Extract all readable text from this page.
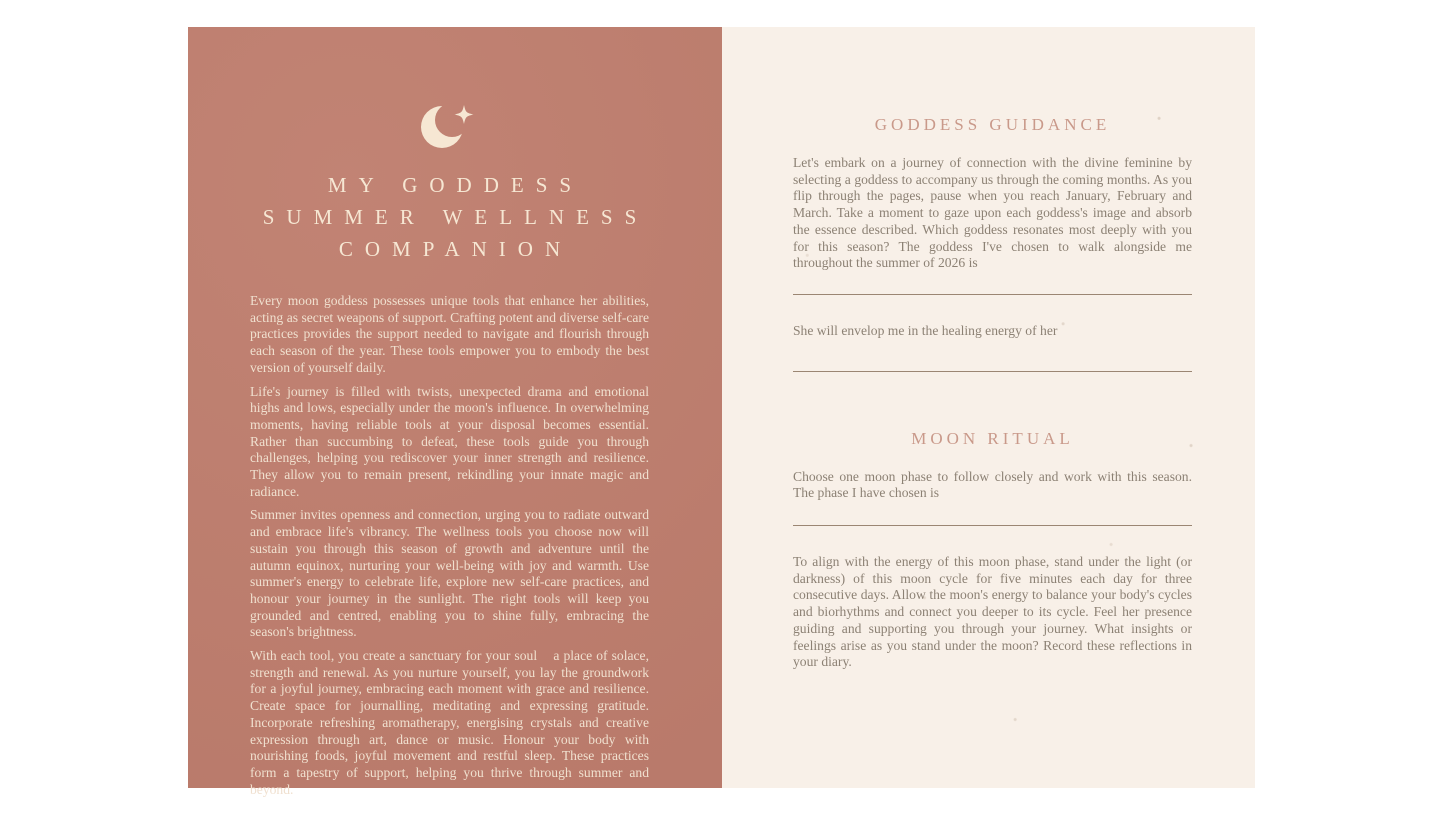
MY GODDESS
SUMMER WELLNESS
COMPANION

Every moon goddess possesses unique tools that enhance her abilities, acting as secret weapons of support. Crafting potent and diverse self-care practices provides the support needed to navigate and flourish through each season of the year. These tools empower you to embody the best version of yourself daily.

Life's journey is filled with twists, unexpected drama and emotional highs and lows, especially under the moon's influence. In overwhelming moments, having reliable tools at your disposal becomes essential. Rather than succumbing to defeat, these tools guide you through challenges, helping you rediscover your inner strength and resilience. They allow you to remain present, rekindling your innate magic and radiance.

Summer invites openness and connection, urging you to radiate outward and embrace life's vibrancy. The wellness tools you choose now will sustain you through this season of growth and adventure until the autumn equinox, nurturing your well-being with joy and warmth. Use summer's energy to celebrate life, explore new self-care practices, and honour your journey in the sunlight. The right tools will keep you grounded and centred, enabling you to shine fully, embracing the season's brightness.

With each tool, you create a sanctuary for your soul    a place of solace, strength and renewal. As you nurture yourself, you lay the groundwork for a joyful journey, embracing each moment with grace and resilience. Create space for journalling, meditating and expressing gratitude. Incorporate refreshing aromatherapy, energising crystals and creative expression through art, dance or music. Honour your body with nourishing foods, joyful movement and restful sleep. These practices form a tapestry of support, helping you thrive through summer and beyond.

GODDESS GUIDANCE

Let's embark on a journey of connection with the divine feminine by selecting a goddess to accompany us through the coming months. As you flip through the pages, pause when you reach January, February and March. Take a moment to gaze upon each goddess's image and absorb the essence described. Which goddess resonates most deeply with you for this season? The goddess I've chosen to walk alongside me throughout the summer of 2026 is

She will envelop me in the healing energy of her

MOON RITUAL

Choose one moon phase to follow closely and work with this season. The phase I have chosen is

To align with the energy of this moon phase, stand under the light (or darkness) of this moon cycle for five minutes each day for three consecutive days. Allow the moon's energy to balance your body's cycles and biorhythms and connect you deeper to its cycle. Feel her presence guiding and supporting you through your journey. What insights or feelings arise as you stand under the moon? Record these reflections in your diary.
